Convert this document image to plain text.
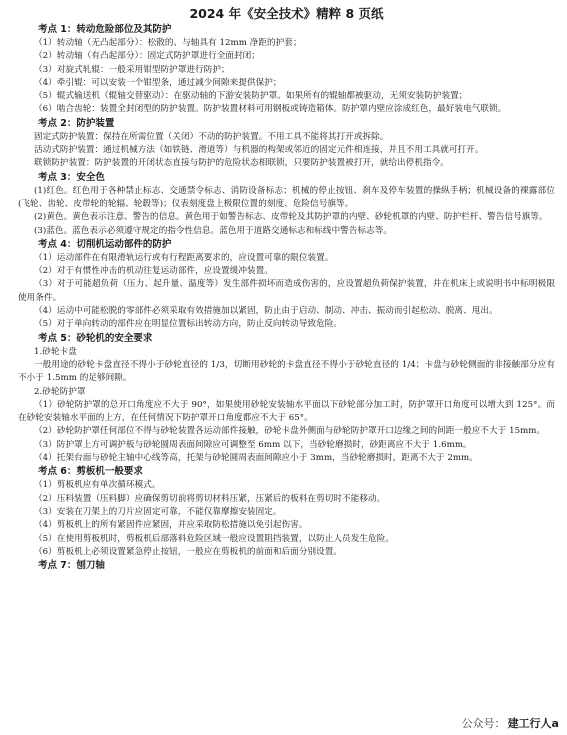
2024 年《安全技术》精粹 8 页纸
考点 1：转动危险部位及其防护
（1）转动轴（无凸起部分）：松散的、与轴具有 12mm 净距的护套；
（2）转动轴（有凸起部分）：固定式防护罩进行全面封闭；
（3）对旋式轧辊：一般采用钳型防护罩进行防护；
（4）牵引辊：可以安装一个钳型条，通过减少间隙来提供保护；
（5）辊式输送机（辊轴交替驱动）：在驱动轴的下游安装防护罩。如果所有的辊轴都被驱动，无须安装防护装置；
（6）啮合齿轮：装置全封闭型的防护装置。防护装置材料可用钢板或铸造箱体。防护罩内壁应涂成红色，最好装电气联锁。
考点 2：防护装置
固定式防护装置：保持在所需位置（关闭）不动的防护装置。不用工具不能将其打开或拆除。
活动式防护装置：通过机械方法（如铁链、滑道等）与机器的构架或邻近的固定元件相连接，并且不用工具就可打开。
联锁防护装置：防护装置的开闭状态直接与防护的危险状态相联锁，只要防护装置被打开，就给出停机指令。
考点 3：安全色
(1)红色。红色用于各种禁止标志、交通禁令标志、消防设备标志；机械的停止按钮、刹车及停车装置的操纵手柄；机械设备的裸露部位(飞轮、齿轮、皮带轮的轮辐、轮毂等)；仪表刻度盘上极限位置的刻度、危险信号旗等。
(2)黄色。黄色表示注意、警告的信息。黄色用于如警告标志、皮带轮及其防护罩的内壁、砂轮机罩的内壁、防护栏杆、警告信号旗等。
(3)蓝色。蓝色表示必须遵守规定的指令性信息。蓝色用于道路交通标志和标线中警告标志等。
考点 4：切削机运动部件的防护
（1）运动部件在有限滑轨运行或有行程距离要求的，应设置可靠的限位装置。
（2）对于有惯性冲击的机动往复运动部件，应设置缓冲装置。
（3）对于可能超负荷（压力、起升量、温度等）发生部件损坏而造成伤害的，应设置超负荷保护装置，并在机床上或说明书中标明极限使用条件。
（4）运动中可能松脱的零部件必须采取有效措施加以紧固，防止由于启动、制动、冲击、振动而引起松动、脱离、甩出。
（5）对于单向转动的部件应在明显位置标出转动方向，防止反向转动导致危险。
考点 5：砂轮机的安全要求
1.砂轮卡盘
一般用途的砂轮卡盘直径不得小于砂轮直径的 1/3，切断用砂轮的卡盘直径不得小于砂轮直径的 1/4；卡盘与砂轮侧面的非接触部分应有不小于 1.5mm 的足够间隙。
2.砂轮防护罩
（1）砂轮防护罩的总开口角度应不大于 90°，如果使用砂轮安装轴水平面以下砂轮部分加工时，防护罩开口角度可以增大到 125°。而在砂轮安装轴水平面的上方，在任何情况下防护罩开口角度都应不大于 65°。
（2）砂轮防护罩任何部位不得与砂轮装置各运动部件接触，砂轮卡盘外侧面与砂轮防护罩开口边缘之间的间距一般应不大于 15mm。
（3）防护罩上方可调护板与砂轮圆周表面间隙应可调整至 6mm 以下，当砂轮磨损时，砂距离应不大于 1.6mm。
（4）托架台面与砂轮主轴中心线等高，托架与砂轮圆周表面间隙应小于 3mm，当砂轮磨损时，距离不大于 2mm。
考点 6：剪板机一般要求
（1）剪板机应有单次循环模式。
（2）压料装置（压料脚）应确保剪切前将剪切材料压紧，压紧后的板料在剪切时不能移动。
（3）安装在刀架上的刀片应固定可靠，不能仅靠摩擦安装固定。
（4）剪板机上的所有紧固件应紧固，并应采取防松措施以免引起伤害。
（5）在使用剪板机时，剪板机后部落料危险区域一般应设置阻挡装置，以防止人员发生危险。
（6）剪板机上必须设置紧急停止按钮，一般应在剪板机的前面和后面分别设置。
考点 7：刨刀轴
公众号： 建工行人a
